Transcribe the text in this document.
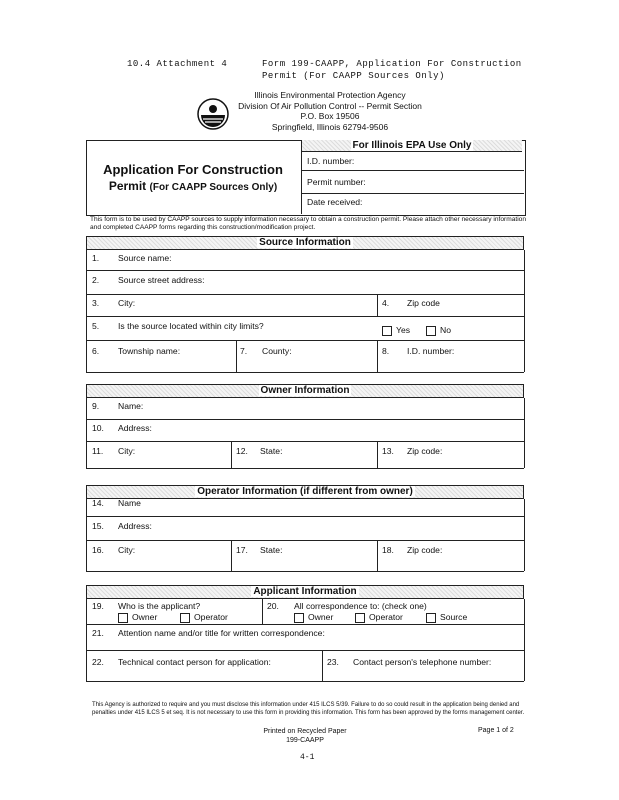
10.4 Attachment 4	Form 199-CAAPP, Application For Construction
Permit (For CAAPP Sources Only)
Illinois Environmental Protection Agency
Division Of Air Pollution Control -- Permit Section
P.O. Box 19506
Springfield, Illinois 62794-9506
Application For Construction
Permit (For CAAPP Sources Only)
For Illinois EPA Use Only
I.D. number:
Permit number:
Date received:
This form is to be used by CAAPP sources to supply information necessary to obtain a construction permit. Please attach other necessary information and completed CAAPP forms regarding this construction/modification project.
Source Information
1. Source name:
2. Source street address:
3. City:	4. Zip code
5. Is the source located within city limits?	Yes	No
6. Township name:	7. County:	8. I.D. number:
Owner Information
9. Name:
10. Address:
11. City:	12. State:	13. Zip code:
Operator Information (if different from owner)
14. Name
15. Address:
16. City:	17. State:	18. Zip code:
Applicant Information
19. Who is the applicant?
Owner	Operator
20. All correspondence to: (check one)
Owner	Operator	Source
21. Attention name and/or title for written correspondence:
22. Technical contact person for application:	23. Contact person's telephone number:
This Agency is authorized to require and you must disclose this information under 415 ILCS 5/39. Failure to do so could result in the application being denied and penalties under 415 ILCS 5 et seq. It is not necessary to use this form in providing this information. This form has been approved by the forms management center.
Printed on Recycled Paper
199-CAAPP
Page 1 of 2
4-1
